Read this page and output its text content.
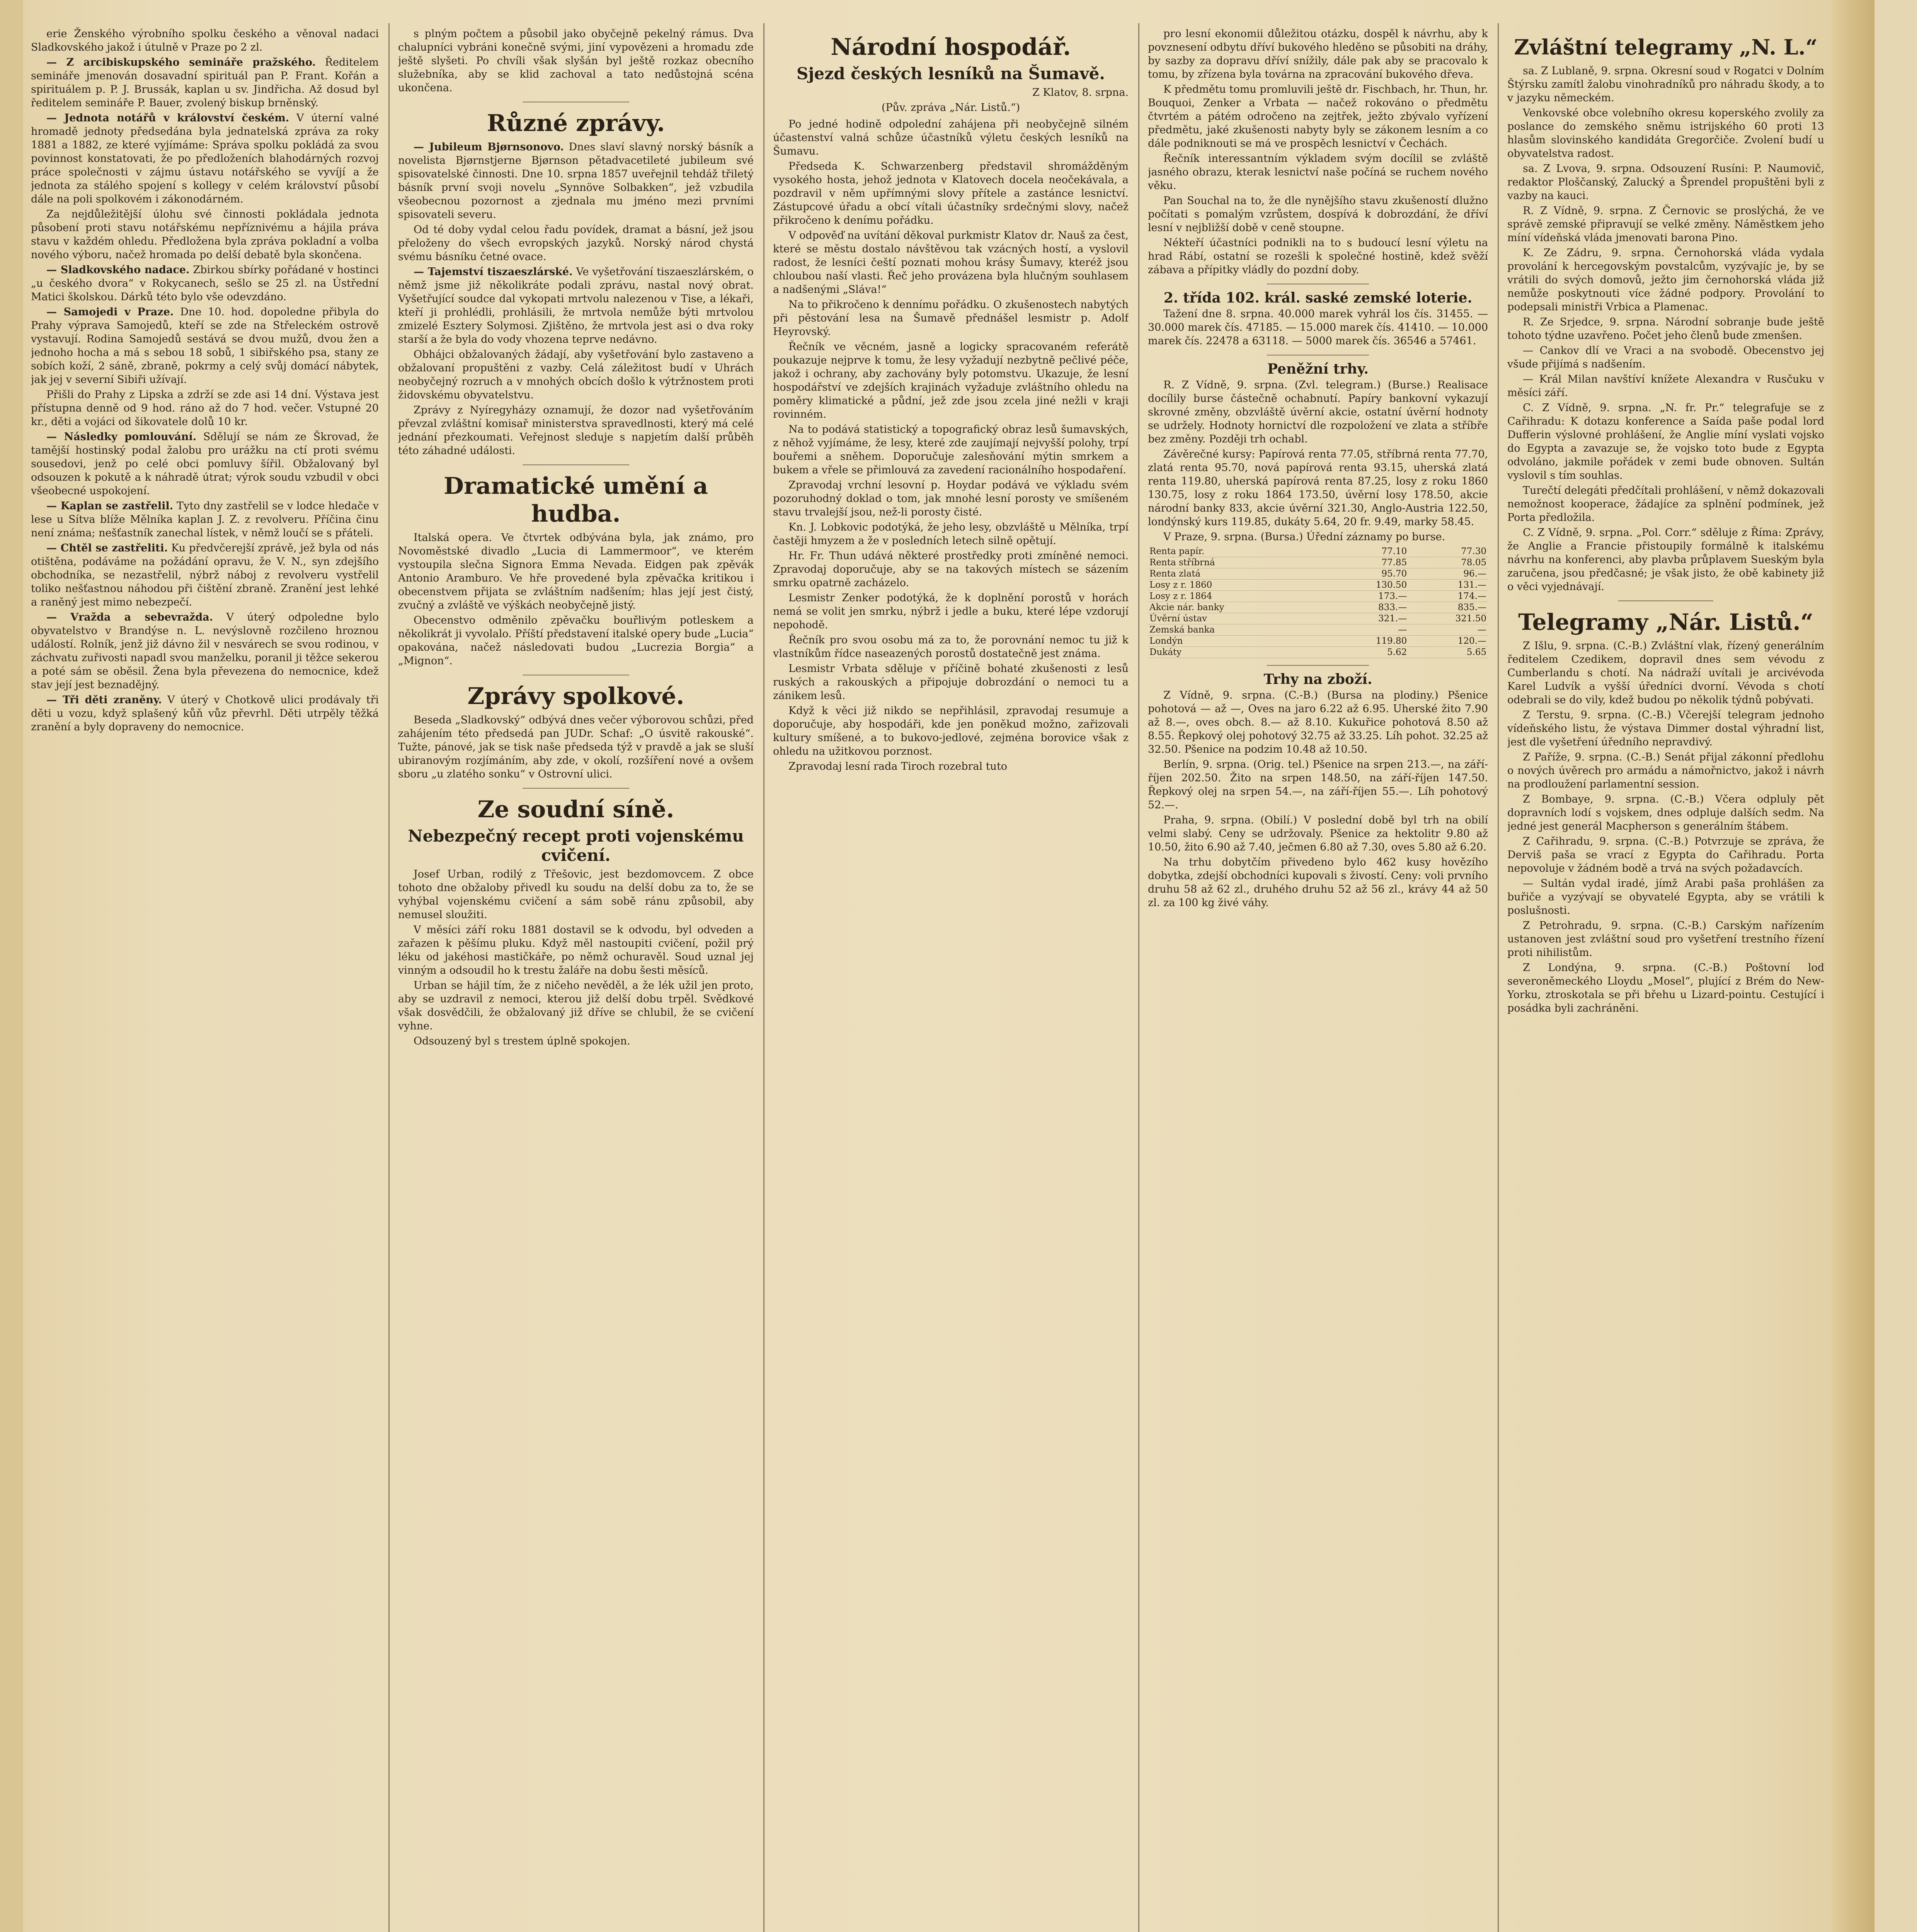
erie Ženského výrobního spolku českého a věnoval nadaci Sladkovského jakož i útulně v Praze po 2 zl.

— Z arcibiskupského semináře pražského. Ředitelem semináře jmenován dosavadní spirituál pan P. Frant. Kořán a spirituálem p. P. J. Brussák, kaplan u sv. Jindřicha. Až dosud byl ředitelem semináře P. Bauer, zvolený biskup brněnský.

— Jednota notářů v království českém. V úterní valné hromadě jednoty předsedána byla jednatelská zpráva za roky 1881 a 1882, ze které vyjímáme: Správa spolku pokládá za svou povinnost konstatovati, že po předloženích blahodárných rozvoj práce společnosti v zájmu ústavu notářského se vyvíjí a že jednota za stálého spojení s kollegy v celém království působí dále na poli spolkovém i zákonodárném.

Za nejdůležitější úlohu své činnosti pokládala jednota působení proti stavu notářskému nepříznivému a hájila práva stavu v každém ohledu. Předložena byla zpráva pokladní a volba nového výboru, načež hromada po delší debatě byla skončena.

— Sladkovského nadace. Zbirkou sbírky pořádané v hostinci „u českého dvora“ v Rokycanech, sešlo se 25 zl. na Ústřední Matici školskou. Dárků této bylo vše odevzdáno.

— Samojedi v Praze. Dne 10. hod. dopoledne přibyla do Prahy výprava Samojedů, kteří se zde na Střeleckém ostrově vystavují. Rodina Samojedů sestává se dvou mužů, dvou žen a jednoho hocha a má s sebou 18 sobů, 1 sibiřského psa, stany ze sobích koží, 2 sáně, zbraně, pokrmy a celý svůj domácí nábytek, jak jej v severní Sibiři užívají.

Přišli do Prahy z Lipska a zdrží se zde asi 14 dní. Výstava jest přístupna denně od 9 hod. ráno až do 7 hod. večer. Vstupné 20 kr., děti a vojáci od šikovatele dolů 10 kr.

— Následky pomlouvání. Sdělují se nám ze Škrovad, že tamější hostinský podal žalobu pro urážku na ctí proti svému sousedovi, jenž po celé obci pomluvy šířil. Obžalovaný byl odsouzen k pokutě a k náhradě útrat; výrok soudu vzbudil v obci všeobecné uspokojení.

— Kaplan se zastřelil. Tyto dny zastřelil se v lodce hledače v lese u Sítva blíže Mělníka kaplan J. Z. z revolveru. Příčina činu není známa; nešťastník zanechal lístek, v němž loučí se s přáteli.

— Chtěl se zastřeliti. Ku předvčerejší zprávě, jež byla od nás otištěna, podáváme na požádání opravu, že V. N., syn zdejšího obchodníka, se nezastřelil, nýbrž náboj z revolveru vystřelil toliko nešťastnou náhodou při čištění zbraně. Zranění jest lehké a raněný jest mimo nebezpečí.

— Vražda a sebevražda. V úterý odpoledne bylo obyvatelstvo v Brandýse n. L. nevýslovně rozčileno hroznou událostí. Rolník, jenž již dávno žil v nesvárech se svou rodinou, v záchvatu zuřivosti napadl svou manželku, poranil ji těžce sekerou a poté sám se oběsil. Žena byla převezena do nemocnice, kdež stav její jest beznadějný.

— Tři děti zraněny. V úterý v Chotkově ulici prodávaly tři děti u vozu, když splašený kůň vůz převrhl. Děti utrpěly těžká zranění a byly dopraveny do nemocnice.

s plným počtem a působil jako obyčejně pekelný rámus. Dva chalupníci vybráni konečně svými, jiní vypovězeni a hromadu zde ještě slyšeti. Po chvíli však slyšán byl ještě rozkaz obecního služebníka, aby se klid zachoval a tato nedůstojná scéna ukončena.

Různé zprávy.

— Jubileum Bjørnsonovo. Dnes slaví slavný norský básník a novelista Bjørnstjerne Bjørnson pětadvacetileté jubileum své spisovatelské činnosti. Dne 10. srpna 1857 uveřejnil tehdáž třiletý básník první svoji novelu „Synnöve Solbakken“, jež vzbudila všeobecnou pozornost a zjednala mu jméno mezi prvními spisovateli severu.

Od té doby vydal celou řadu povídek, dramat a básní, jež jsou přeloženy do všech evropských jazyků. Norský národ chystá svému básníku četné ovace.

— Tajemství tiszaeszlárské. Ve vyšetřování tiszaeszlárském, o němž jsme již několikráte podali zprávu, nastal nový obrat. Vyšetřující soudce dal vykopati mrtvolu nalezenou v Tise, a lékaři, kteří ji prohlédli, prohlásili, že mrtvola nemůže býti mrtvolou zmizelé Esztery Solymosi. Zjištěno, že mrtvola jest asi o dva roky starší a že byla do vody vhozena teprve nedávno.

Obhájci obžalovaných žádají, aby vyšetřování bylo zastaveno a obžalovaní propuštěni z vazby. Celá záležitost budí v Uhrách neobyčejný rozruch a v mnohých obcích došlo k výtržnostem proti židovskému obyvatelstvu.

Zprávy z Nyíregyházy oznamují, že dozor nad vyšetřováním převzal zvláštní komisař ministerstva spravedlnosti, který má celé jednání přezkoumati. Veřejnost sleduje s napjetím další průběh této záhadné události.

Dramatické umění a hudba.

Italská opera. Ve čtvrtek odbývána byla, jak známo, pro Novoměstské divadlo „Lucia di Lammermoor“, ve kterém vystoupila slečna Signora Emma Nevada. Eidgen pak zpěvák Antonio Aramburo. Ve hře provedené byla zpěvačka kritikou i obecenstvem přijata se zvláštním nadšením; hlas její jest čistý, zvučný a zvláště ve výškách neobyčejně jistý.

Obecenstvo odměnilo zpěvačku bouřlivým potleskem a několikrát ji vyvolalo. Příští představení italské opery bude „Lucia“ opakována, načež následovati budou „Lucrezia Borgia“ a „Mignon“.

Zprávy spolkové.

Beseda „Sladkovský“ odbývá dnes večer výborovou schůzi, před zahájením této předsedá pan JUDr. Schaf: „O úsvitě rakouské“. Tužte, pánové, jak se tisk naše předseda týž v pravdě a jak se sluší ubiranovým rozjímáním, aby zde, v okolí, rozšíření nové a ovšem sboru „u zlatého sonku“ v Ostrovní ulici.

Ze soudní síně.
Nebezpečný recept proti vojenskému cvičení.

Josef Urban, rodilý z Třešovic, jest bezdomovcem. Z obce tohoto dne obžaloby přivedl ku soudu na delší dobu za to, že se vyhýbal vojenskému cvičení a sám sobě ránu způsobil, aby nemusel sloužiti.

V měsíci září roku 1881 dostavil se k odvodu, byl odveden a zařazen k pěšímu pluku. Když měl nastoupiti cvičení, požil prý léku od jakéhosi mastičkáře, po němž ochuravěl. Soud uznal jej vinným a odsoudil ho k trestu žaláře na dobu šesti měsíců.

Urban se hájil tím, že z ničeho nevěděl, a že lék užil jen proto, aby se uzdravil z nemoci, kterou již delší dobu trpěl. Svědkové však dosvědčili, že obžalovaný již dříve se chlubil, že se cvičení vyhne.

Odsouzený byl s trestem úplně spokojen.

Národní hospodář.
Sjezd českých lesníků na Šumavě.
Z Klatov, 8. srpna.
(Pův. zpráva „Nár. Listů.“)

Po jedné hodině odpolední zahájena při neobyčejně silném účastenství valná schůze účastníků výletu českých lesníků na Šumavu.

Předseda K. Schwarzenberg představil shromážděným vysokého hosta, jehož jednota v Klatovech docela neočekávala, a pozdravil v něm upřímnými slovy přítele a zastánce lesnictví. Zástupcové úřadu a obcí vítali účastníky srdečnými slovy, načež přikročeno k denímu pořádku.

V odpověď na uvítání děkoval purkmistr Klatov dr. Nauš za čest, které se městu dostalo návštěvou tak vzácných hostí, a vyslovil radost, že lesníci čeští poznati mohou krásy Šumavy, kteréž jsou chloubou naší vlasti. Řeč jeho provázena byla hlučným souhlasem a nadšenými „Sláva!“

Na to přikročeno k dennímu pořádku. O zkušenostech nabytých při pěstování lesa na Šumavě přednášel lesmistr p. Adolf Heyrovský.

Řečník ve věcném, jasně a logicky spracovaném referátě poukazuje nejprve k tomu, že lesy vyžadují nezbytně pečlivé péče, jakož i ochrany, aby zachovány byly potomstvu. Ukazuje, že lesní hospodářství ve zdejších krajinách vyžaduje zvláštního ohledu na poměry klimatické a půdní, jež zde jsou zcela jiné nežli v kraji rovinném.

Na to podává statistický a topografický obraz lesů šumavských, z něhož vyjímáme, že lesy, které zde zaujímají nejvyšší polohy, trpí bouřemi a sněhem. Doporučuje zalesňování mýtin smrkem a bukem a vřele se přimlouvá za zavedení racionálního hospodaření.

Zpravodaj vrchní lesovní p. Hoydar podává ve výkladu svém pozoruhodný doklad o tom, jak mnohé lesní porosty ve smíšeném stavu trvalejší jsou, než-li porosty čisté.

Kn. J. Lobkovic podotýká, že jeho lesy, obzvláště u Mělníka, trpí častěji hmyzem a že v posledních letech silně opětují.

Hr. Fr. Thun udává některé prostředky proti zmíněné nemoci. Zpravodaj doporučuje, aby se na takových místech se sázením smrku opatrně zacházelo.

Lesmistr Zenker podotýká, že k doplnění porostů v horách nemá se volit jen smrku, nýbrž i jedle a buku, které lépe vzdorují nepohodě.

Řečník pro svou osobu má za to, že porovnání nemoc tu již k vlastníkům řídce naseazených porostů dostatečně jest známa.

Lesmistr Vrbata sděluje v příčině bohaté zkušenosti z lesů ruských a rakouských a připojuje dobrozdání o nemoci tu a zánikem lesů.

Když k věci již nikdo se nepřihlásil, zpravodaj resumuje a doporučuje, aby hospodáři, kde jen poněkud možno, zařizovali kultury smíšené, a to bukovo-jedlové, zejména borovice však z ohledu na užitkovou porznost.

Zpravodaj lesní rada Tiroch rozebral tuto

pro lesní ekonomii důležitou otázku, dospěl k návrhu, aby k povznesení odbytu dříví bukového hleděno se působiti na dráhy, by sazby za dopravu dříví snížily, dále pak aby se pracovalo k tomu, by zřízena byla továrna na zpracování bukového dřeva.

K předmětu tomu promluvili ještě dr. Fischbach, hr. Thun, hr. Bouquoi, Zenker a Vrbata — načež rokováno o předmětu čtvrtém a pátém odročeno na zejtřek, ježto zbývalo vyřízení předmětu, jaké zkušenosti nabyty byly se zákonem lesním a co dále podniknouti se má ve prospěch lesnictví v Čechách.

Řečník interessantním výkladem svým docílil se zvláště jasného obrazu, kterak lesnictví naše počíná se ruchem nového věku.

Pan Souchal na to, že dle nynějšího stavu zkušeností dlužno počítati s pomalým vzrůstem, dospívá k dobrozdání, že dříví lesní v nejbližší době v ceně stoupne.

Nékteří účastníci podnikli na to s budoucí lesní výletu na hrad Rábí, ostatní se rozešli k společné hostině, kdež svěží zábava a přípitky vládly do pozdní doby.

2. třída 102. král. saské zemské loterie.

Tažení dne 8. srpna. 40.000 marek vyhrál los čís. 31455. — 30.000 marek čís. 47185. — 15.000 marek čís. 41410. — 10.000 marek čís. 22478 a 63118. — 5000 marek čís. 36546 a 57461.

Peněžní trhy.

R. Z Vídně, 9. srpna. (Zvl. telegram.) (Burse.) Realisace docílily burse částečně ochabnutí. Papíry bankovní vykazují skrovné změny, obzvláště úvěrní akcie, ostatní úvěrní hodnoty se udržely. Hodnoty hornictví dle rozpoložení ve zlata a stříbře bez změny. Později trh ochabl.

Závěrečné kursy: Papírová renta 77.05, stříbrná renta 77.70, zlatá renta 95.70, nová papírová renta 93.15, uherská zlatá renta 119.80, uherská papírová renta 87.25, losy z roku 1860 130.75, losy z roku 1864 173.50, úvěrní losy 178.50, akcie národní banky 833, akcie úvěrní 321.30, Anglo-Austria 122.50, londýnský kurs 119.85, dukáty 5.64, 20 fr. 9.49, marky 58.45.

V Praze, 9. srpna. (Bursa.) Úřední záznamy po burse.

Renta papír.	77.10	77.30
Renta stříbrná	77.85	78.05
Renta zlatá	95.70	96.—
Losy z r. 1860	130.50	131.—
Losy z r. 1864	173.—	174.—
Akcie nár. banky	833.—	835.—
Úvěrní ústav	321.—	321.50
Zemská banka	—	—
Londýn	119.80	120.—
Dukáty	5.62	5.65
Trhy na zboží.

Z Vídně, 9. srpna. (C.-B.) (Bursa na plodiny.) Pšenice pohotová — až —, Oves na jaro 6.22 až 6.95. Uherské žito 7.90 až 8.—, oves obch. 8.— až 8.10. Kukuřice pohotová 8.50 až 8.55. Řepkový olej pohotový 32.75 až 33.25. Líh pohot. 32.25 až 32.50. Pšenice na podzim 10.48 až 10.50.

Berlín, 9. srpna. (Orig. tel.) Pšenice na srpen 213.—, na září-říjen 202.50. Žito na srpen 148.50, na září-říjen 147.50. Řepkový olej na srpen 54.—, na září-říjen 55.—. Líh pohotový 52.—.

Praha, 9. srpna. (Obilí.) V poslední době byl trh na obilí velmi slabý. Ceny se udržovaly. Pšenice za hektolitr 9.80 až 10.50, žito 6.90 až 7.40, ječmen 6.80 až 7.30, oves 5.80 až 6.20.

Na trhu dobytčím přivedeno bylo 462 kusy hovězího dobytka, zdejší obchodníci kupovali s živostí. Ceny: voli prvního druhu 58 až 62 zl., druhého druhu 52 až 56 zl., krávy 44 až 50 zl. za 100 kg živé váhy.

Zvláštní telegramy „N. L.“

sa. Z Lublaně, 9. srpna. Okresní soud v Rogatci v Dolním Štýrsku zamítl žalobu vinohradníků pro náhradu škody, a to v jazyku německém.

Venkovské obce volebního okresu koperského zvolily za poslance do zemského sněmu istrijského 60 proti 13 hlasům slovinského kandidáta Gregorčiče. Zvolení budí u obyvatelstva radost.

sa. Z Lvova, 9. srpna. Odsouzení Rusíni: P. Naumovič, redaktor Ploščanský, Zalucký a Šprendel propuštěni byli z vazby na kauci.

R. Z Vídně, 9. srpna. Z Černovic se proslýchá, že ve správě zemské připravují se velké změny. Náměstkem jeho míní vídeňská vláda jmenovati barona Pino.

K. Ze Zádru, 9. srpna. Černohorská vláda vydala provolání k hercegovským povstalcům, vyzývajíc je, by se vrátili do svých domovů, ježto jim černohorská vláda již nemůže poskytnouti více žádné podpory. Provolání to podepsali ministři Vrbica a Plamenac.

R. Ze Srjedce, 9. srpna. Národní sobranje bude ještě tohoto týdne uzavřeno. Počet jeho členů bude zmenšen.

— Cankov dlí ve Vraci a na svobodě. Obecenstvo jej všude přijímá s nadšením.

— Král Milan navštíví knížete Alexandra v Rusčuku v měsíci září.

C. Z Vídně, 9. srpna. „N. fr. Pr.“ telegrafuje se z Cařihradu: K dotazu konference a Saída paše podal lord Dufferin výslovné prohlášení, že Anglie míní vyslati vojsko do Egypta a zavazuje se, že vojsko toto bude z Egypta odvoláno, jakmile pořádek v zemi bude obnoven. Sultán vyslovil s tím souhlas.

Turečtí delegáti předčítali prohlášení, v němž dokazovali nemožnost kooperace, žádajíce za splnění podmínek, jež Porta předložila.

C. Z Vídně, 9. srpna. „Pol. Corr.“ sděluje z Říma: Zprávy, že Anglie a Francie přistoupily formálně k italskému návrhu na konferenci, aby plavba průplavem Sueským byla zaručena, jsou předčasné; je však jisto, že obě kabinety již o věci vyjednávají.

Telegramy „Nár. Listů.“

Z Išlu, 9. srpna. (C.-B.) Zvláštní vlak, řízený generálním ředitelem Czedikem, dopravil dnes sem vévodu z Cumberlandu s chotí. Na nádraží uvítali je arcivévoda Karel Ludvík a vyšší úředníci dvorní. Vévoda s chotí odebrali se do vily, kdež budou po několik týdnů pobývati.

Z Terstu, 9. srpna. (C.-B.) Včerejší telegram jednoho vídeňského listu, že výstava Dimmer dostal výhradní list, jest dle vyšetření úředního nepravdivý.

Z Paříže, 9. srpna. (C.-B.) Senát přijal zákonní předlohu o nových úvěrech pro armádu a námořnictvo, jakož i návrh na prodloužení parlamentní session.

Z Bombaye, 9. srpna. (C.-B.) Včera odpluly pět dopravních lodí s vojskem, dnes odpluje dalších sedm. Na jedné jest generál Macpherson s generálním štábem.

Z Cařihradu, 9. srpna. (C.-B.) Potvrzuje se zpráva, že Derviš paša se vrací z Egypta do Cařihradu. Porta nepovoluje v žádném bodě a trvá na svých požadavcích.

— Sultán vydal iradé, jímž Arabi paša prohlášen za buřiče a vyzývají se obyvatelé Egypta, aby se vrátili k poslušnosti.

Z Petrohradu, 9. srpna. (C.-B.) Carským nařízením ustanoven jest zvláštní soud pro vyšetření trestního řízení proti nihilistům.

Z Londýna, 9. srpna. (C.-B.) Poštovní loď severoněmeckého Lloydu „Mosel“, plující z Brém do New-Yorku, ztroskotala se při břehu u Lizard-pointu. Cestující i posádka byli zachráněni.
